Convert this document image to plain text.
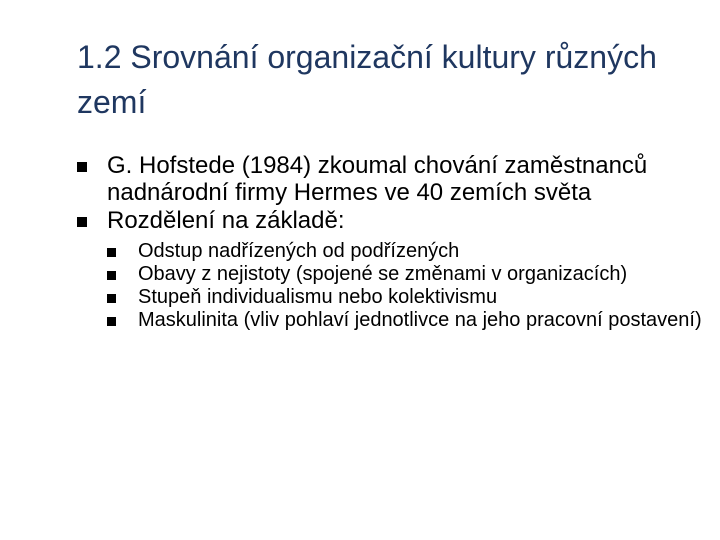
1.2 Srovnání organizační kultury různých zemí
G. Hofstede (1984) zkoumal chování zaměstnanců nadnárodní firmy Hermes ve 40 zemích světa
Rozdělení na základě:
Odstup nadřízených od podřízených
Obavy z nejistoty (spojené se změnami v organizacích)
Stupeň individualismu nebo kolektivismu
Maskulinita (vliv pohlaví jednotlivce na jeho pracovní postavení)
